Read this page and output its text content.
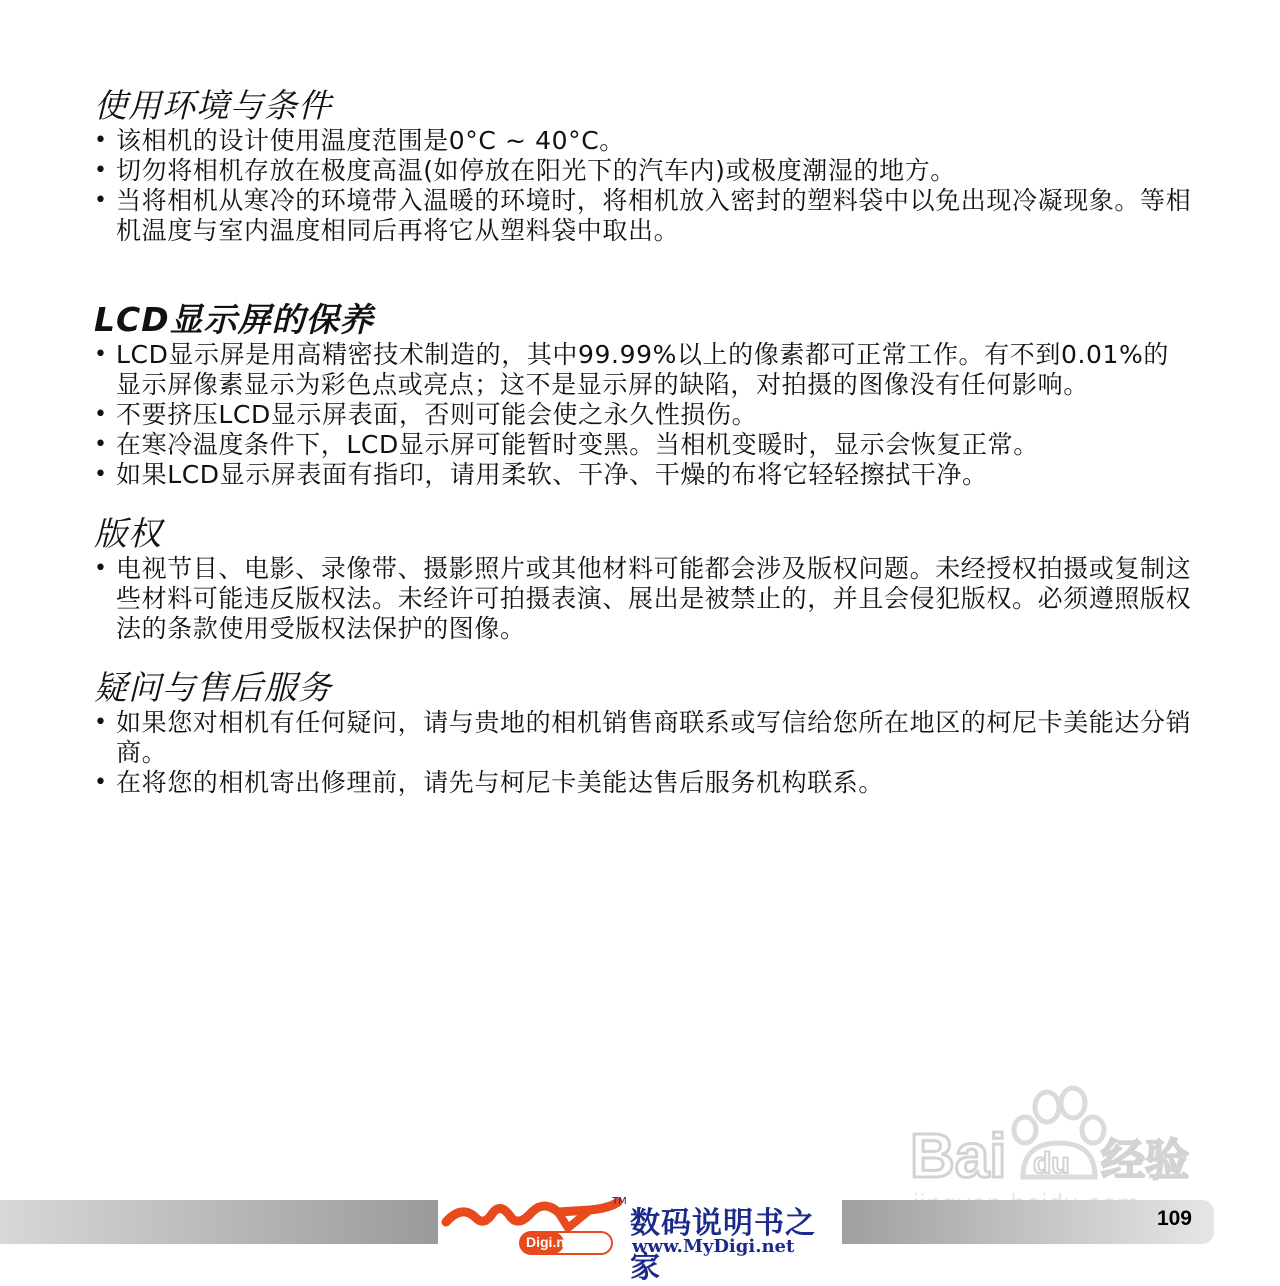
使用环境与条件
• 该相机的设计使用温度范围是0°C ~ 40°C。
• 切勿将相机存放在极度高温(如停放在阳光下的汽车内)或极度潮湿的地方。
• 当将相机从寒冷的环境带入温暖的环境时，将相机放入密封的塑料袋中以免出现冷凝现象。等相机温度与室内温度相同后再将它从塑料袋中取出。
LCD显示屏的保养
• LCD显示屏是用高精密技术制造的，其中99.99%以上的像素都可正常工作。有不到0.01%的显示屏像素显示为彩色点或亮点；这不是显示屏的缺陷，对拍摄的图像没有任何影响。
• 不要挤压LCD显示屏表面，否则可能会使之永久性损伤。
• 在寒冷温度条件下，LCD显示屏可能暂时变黑。当相机变暖时，显示会恢复正常。
• 如果LCD显示屏表面有指印，请用柔软、干净、干燥的布将它轻轻擦拭干净。
版权
• 电视节目、电影、录像带、摄影照片或其他材料可能都会涉及版权问题。未经授权拍摄或复制这些材料可能违反版权法。未经许可拍摄表演、展出是被禁止的，并且会侵犯版权。必须遵照版权法的条款使用受版权法保护的图像。
疑问与售后服务
• 如果您对相机有任何疑问，请与贵地的相机销售商联系或写信给您所在地区的柯尼卡美能达分销商。
• 在将您的相机寄出修理前，请先与柯尼卡美能达售后服务机构联系。
Bai du 经验
109
Digi.net
TM
数码说明书之家
www.MyDigi.net
